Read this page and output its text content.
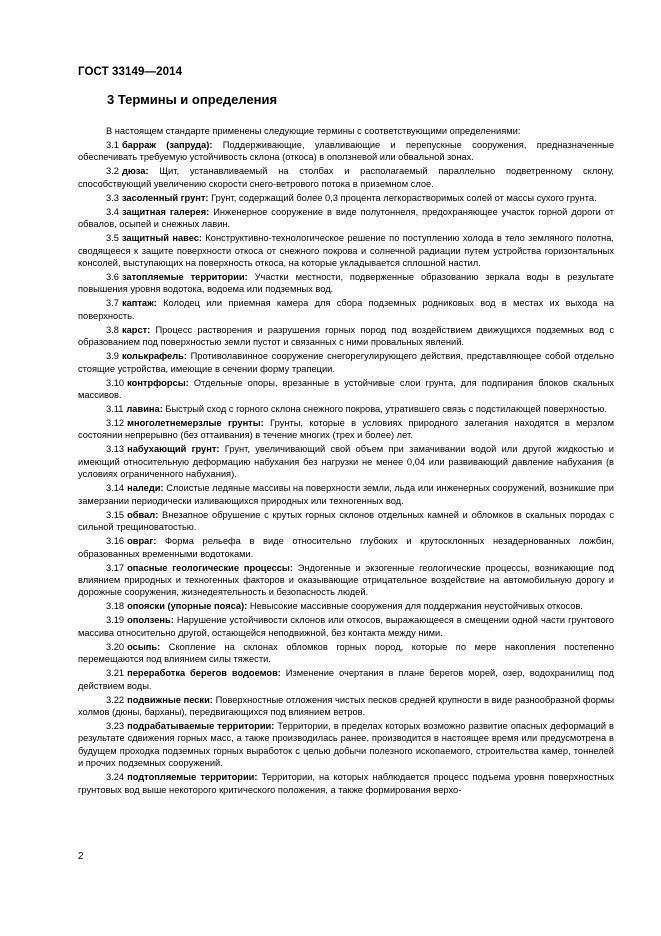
ГОСТ 33149—2014
3 Термины и определения

В настоящем стандарте применены следующие термины с соответствующими определениями:

3.1 барраж (запруда): Поддерживающие, улавливающие и перепускные сооружения, предназначенные обеспечивать требуемую устойчивость склона (откоса) в оползневой или обвальной зонах.

3.2 дюза: Щит, устанавливаемый на столбах и располагаемый параллельно подветренному склону, способствующий увеличению скорости снего-ветрового потока в приземном слое.

3.3 засоленный грунт: Грунт, содержащий более 0,3 процента легкорастворимых солей от массы сухого грунта.

3.4 защитная галерея: Инженерное сооружение в виде полутоннеля, предохраняющее участок горной дороги от обвалов, осыпей и снежных лавин.

3.5 защитный навес: Конструктивно-технологическое решение по поступлению холода в тело земляного полотна, сводящееся к защите поверхности откоса от снежного покрова и солнечной радиации путем устройства горизонтальных консолей, выступающих на поверхность откоса, на которые укладывается сплошной настил.

3.6 затопляемые территории: Участки местности, подверженные образованию зеркала воды в результате повышения уровня водотока, водоема или подземных вод.

3.7 каптаж: Колодец или приемная камера для сбора подземных родниковых вод в местах их выхода на поверхность.

3.8 карст: Процесс растворения и разрушения горных пород под воздействием движущихся подземных вод с образованием под поверхностью земли пустот и связанных с ними провальных явлений.

3.9 колькрафель: Противолавинное сооружение снегорегулирующего действия, представляющее собой отдельно стоящие устройства, имеющие в сечении форму трапеции.

3.10 контрфорсы: Отдельные опоры, врезанные в устойчивые слои грунта, для подпирания блоков скальных массивов.

3.11 лавина: Быстрый сход с горного склона снежного покрова, утратившего связь с подстилающей поверхностью.

3.12 многолетнемерзлые грунты: Грунты, которые в условиях природного залегания находятся в мерзлом состоянии непрерывно (без оттаивания) в течение многих (трех и более) лет.

3.13 набухающий грунт: Грунт, увеличивающий свой объем при замачивании водой или другой жидкостью и имеющий относительную деформацию набухания без нагрузки не менее 0,04 или развивающий давление набухания (в условиях ограниченного набухания).

3.14 наледи: Слоистые ледяные массивы на поверхности земли, льда или инженерных сооружений, возникшие при замерзании периодически изливающихся природных или техногенных вод.

3.15 обвал: Внезапное обрушение с крутых горных склонов отдельных камней и обломков в скальных породах с сильной трещиноватостью.

3.16 овраг: Форма рельефа в виде относительно глубоких и крутосклонных незадернованных ложбин, образованных временными водотоками.

3.17 опасные геологические процессы: Эндогенные и экзогенные геологические процессы, возникающие под влиянием природных и техногенных факторов и оказывающие отрицательное воздействие на автомобильную дорогу и дорожные сооружения, жизнедеятельность и безопасность людей.

3.18 опояски (упорные пояса): Невысокие массивные сооружения для поддержания неустойчивых откосов.

3.19 оползень: Нарушение устойчивости склонов или откосов, выражающееся в смещении одной части грунтового массива относительно другой, остающейся неподвижной, без контакта между ними.

3.20 осыпь: Скопление на склонах обломков горных пород, которые по мере накопления постепенно перемещаются под влиянием силы тяжести.

3.21 переработка берегов водоемов: Изменение очертания в плане берегов морей, озер, водохранилищ под действием воды.

3.22 подвижные пески: Поверхностные отложения чистых песков средней крупности в виде разнообразной формы холмов (дюны, барханы), передвигающихся под влиянием ветров.

3.23 подрабатываемые территории: Территории, в пределах которых возможно развитие опасных деформаций в результате сдвижения горных масс, а также производилась ранее, производится в настоящее время или предусмотрена в будущем проходка подземных горных выработок с целью добычи полезного ископаемого, строительства камер, тоннелей и прочих подземных сооружений.

3.24 подтопляемые территории: Территории, на которых наблюдается процесс подъема уровня поверхностных грунтовых вод выше некоторого критического положения, а также формирования верхо-

2
